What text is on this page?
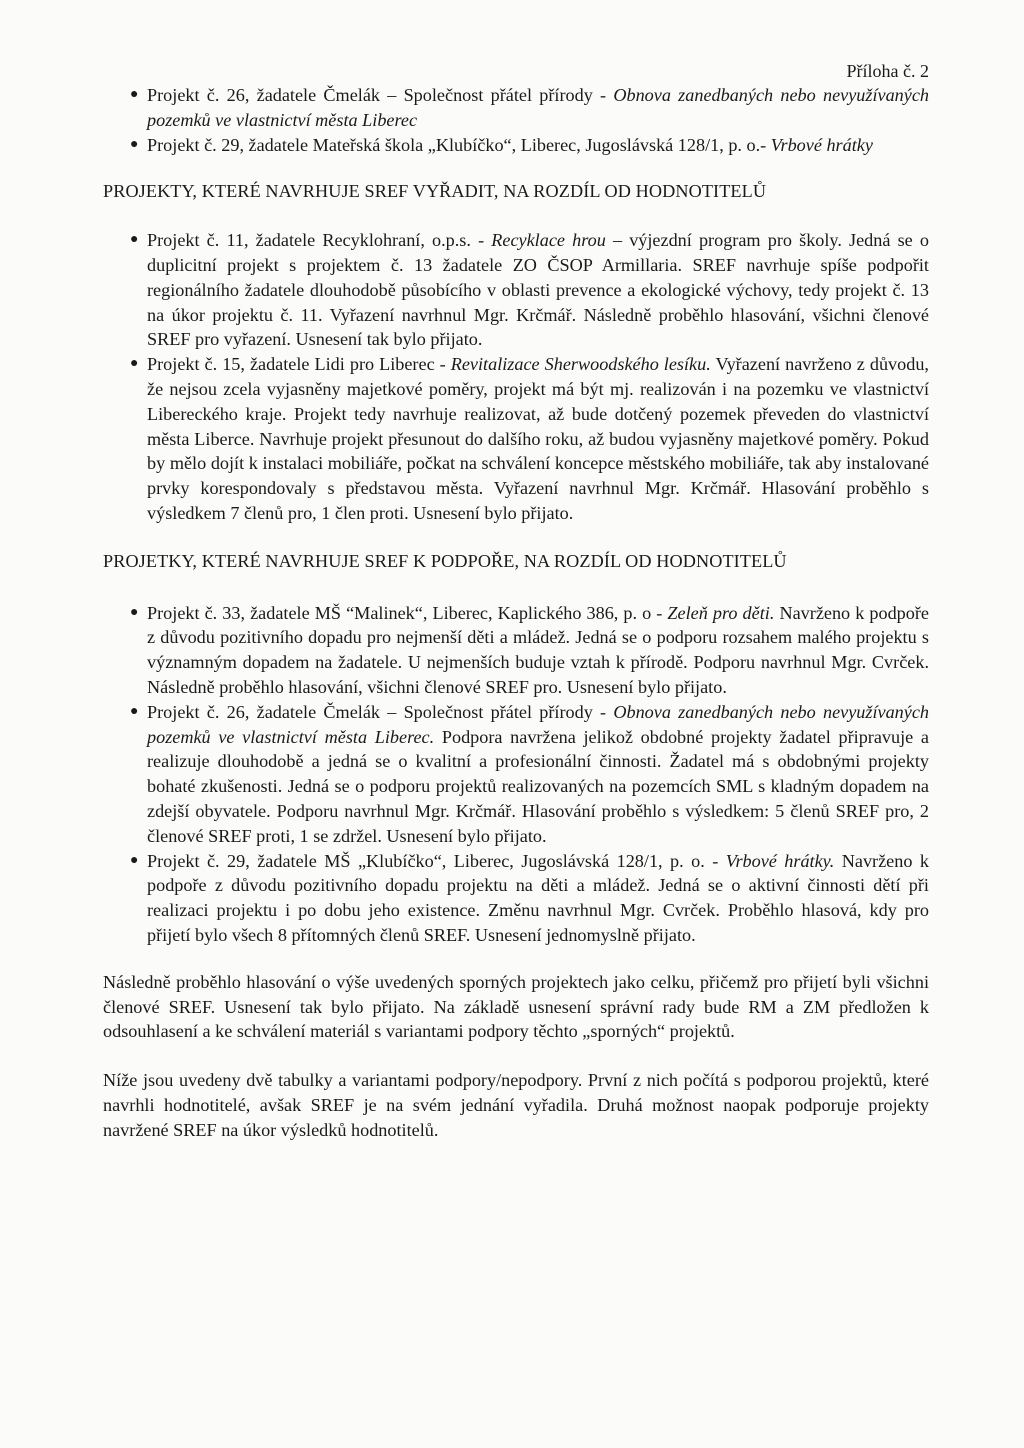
Příloha č. 2
● Projekt č. 26, žadatele Čmelák – Společnost přátel přírody - Obnova zanedbaných nebo nevyužívaných pozemků ve vlastnictví města Liberec
● Projekt č. 29, žadatele Mateřská škola „Klubíčko“, Liberec, Jugoslávská 128/1, p. o.- Vrbové hrátky
PROJEKTY, KTERÉ NAVRHUJE SREF VYŘADIT, NA ROZDÍL OD HODNOTITELŮ
● Projekt č. 11, žadatele Recyklohraní, o.p.s. - Recyklace hrou – výjezdní program pro školy. Jedná se o duplicitní projekt s projektem č. 13 žadatele ZO ČSOP Armillaria. SREF navrhuje spíše podpořit regionálního žadatele dlouhodobě působícího v oblasti prevence a ekologické výchovy, tedy projekt č. 13 na úkor projektu č. 11. Vyřazení navrhnul Mgr. Krčmář. Následně proběhlo hlasování, všichni členové SREF pro vyřazení. Usnesení tak bylo přijato.
● Projekt č. 15, žadatele Lidi pro Liberec - Revitalizace Sherwoodského lesíku. Vyřazení navrženo z důvodu, že nejsou zcela vyjasněny majetkové poměry, projekt má být mj. realizován i na pozemku ve vlastnictví Libereckého kraje. Projekt tedy navrhuje realizovat, až bude dotčený pozemek převeden do vlastnictví města Liberce. Navrhuje projekt přesunout do dalšího roku, až budou vyjasněny majetkové poměry. Pokud by mělo dojít k instalaci mobiliáře, počkat na schválení koncepce městského mobiliáře, tak aby instalované prvky korespondovaly s představou města. Vyřazení navrhnul Mgr. Krčmář. Hlasování proběhlo s výsledkem 7 členů pro, 1 člen proti. Usnesení bylo přijato.
PROJETKY, KTERÉ NAVRHUJE SREF K PODPOŘE, NA ROZDÍL OD HODNOTITELŮ
● Projekt č. 33, žadatele MŠ “Malinek“, Liberec, Kaplického 386, p. o - Zeleň pro děti. Navrženo k podpoře z důvodu pozitivního dopadu pro nejmenší děti a mládež. Jedná se o podporu rozsahem malého projektu s významným dopadem na žadatele. U nejmenších buduje vztah k přírodě. Podporu navrhnul Mgr. Cvrček. Následně proběhlo hlasování, všichni členové SREF pro. Usnesení bylo přijato.
● Projekt č. 26, žadatele Čmelák – Společnost přátel přírody - Obnova zanedbaných nebo nevyužívaných pozemků ve vlastnictví města Liberec. Podpora navržena jelikož obdobné projekty žadatel připravuje a realizuje dlouhodobě a jedná se o kvalitní a profesionální činnosti. Žadatel má s obdobnými projekty bohaté zkušenosti. Jedná se o podporu projektů realizovaných na pozemcích SML s kladným dopadem na zdejší obyvatele. Podporu navrhnul Mgr. Krčmář. Hlasování proběhlo s výsledkem: 5 členů SREF pro, 2 členové SREF proti, 1 se zdržel. Usnesení bylo přijato.
● Projekt č. 29, žadatele MŠ „Klubíčko“, Liberec, Jugoslávská 128/1, p. o. - Vrbové hrátky. Navrženo k podpoře z důvodu pozitivního dopadu projektu na děti a mládež. Jedná se o aktivní činnosti dětí při realizaci projektu i po dobu jeho existence. Změnu navrhnul Mgr. Cvrček. Proběhlo hlasová, kdy pro přijetí bylo všech 8 přítomných členů SREF. Usnesení jednomyslně přijato.

Následně proběhlo hlasování o výše uvedených sporných projektech jako celku, přičemž pro přijetí byli všichni členové SREF. Usnesení tak bylo přijato. Na základě usnesení správní rady bude RM a ZM předložen k odsouhlasení a ke schválení materiál s variantami podpory těchto „sporných“ projektů.

Níže jsou uvedeny dvě tabulky a variantami podpory/nepodpory. První z nich počítá s podporou projektů, které navrhli hodnotitelé, avšak SREF je na svém jednání vyřadila. Druhá možnost naopak podporuje projekty navržené SREF na úkor výsledků hodnotitelů.
